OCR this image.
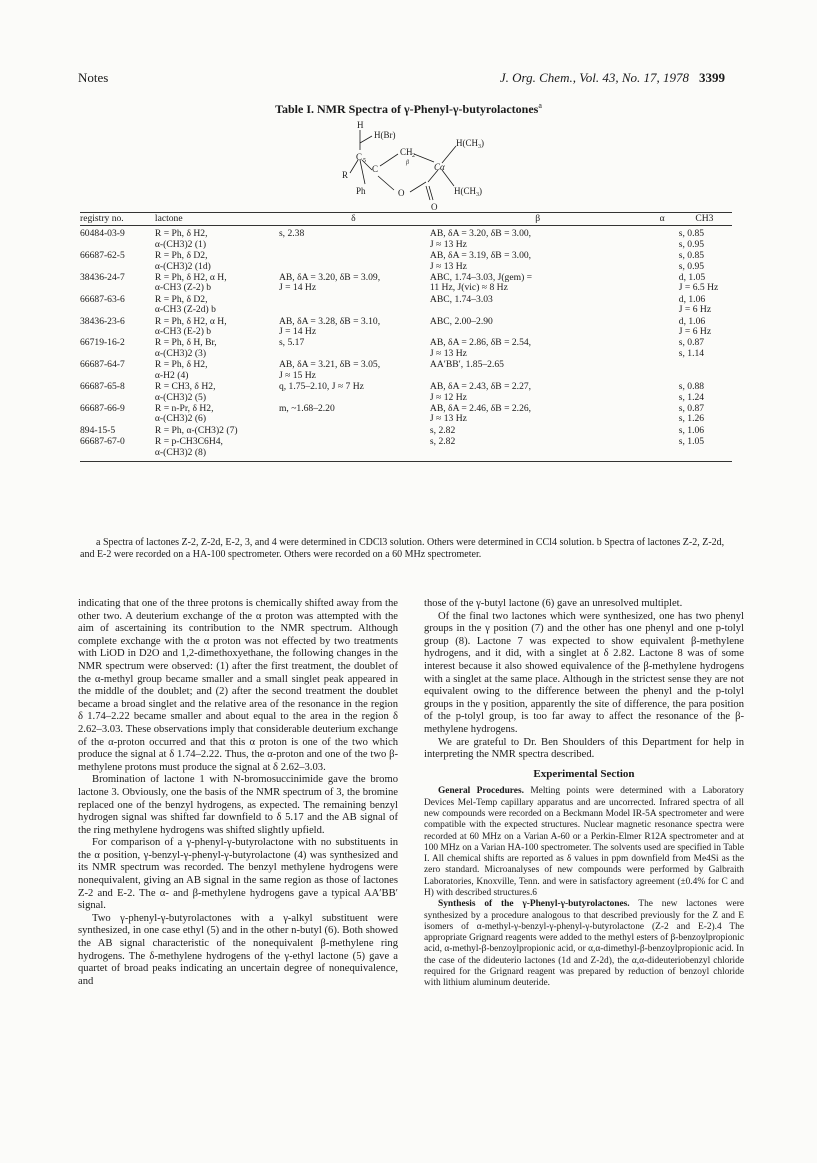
Notes	J. Org. Chem., Vol. 43, No. 17, 1978 3399
Table I. NMR Spectra of γ-Phenyl-γ-butyrolactones$^a$
H
H(Br)
C 5
CH 2
β
$H(CH_3)$
C	Cα
R
Ph	O
O
$H(CH_3)$
registry no.	lactone	δ	β	α	CH3

60484-03-9	R = Ph, δ H2,
α-(CH3)2 (1)	s, 2.38	AB, δA = 3.20, δB = 3.00,
J ≈ 13 Hz		s, 0.85
s, 0.95

66687-62-5	R = Ph, δ D2,
α-(CH3)2 (1d)		AB, δA = 3.19, δB = 3.00,
J ≈ 13 Hz		s, 0.85
s, 0.95

38436-24-7	R = Ph, δ H2, α H,
α-CH3 (Z-2) b	AB, δA = 3.20, δB = 3.09,
J = 14 Hz	ABC, 1.74–3.03, J(gem) =
11 Hz, J(vic) ≈ 8 Hz		d, 1.05
J = 6.5 Hz

66687-63-6	R = Ph, δ D2,
α-CH3 (Z-2d) b		ABC, 1.74–3.03		d, 1.06
J = 6 Hz

38436-23-6	R = Ph, δ H2, α H,
α-CH3 (E-2) b	AB, δA = 3.28, δB = 3.10,
J = 14 Hz	ABC, 2.00–2.90		d, 1.06
J = 6 Hz

66719-16-2	R = Ph, δ H, Br,
α-(CH3)2 (3)	s, 5.17	AB, δA = 2.86, δB = 2.54,
J ≈ 13 Hz		s, 0.87
s, 1.14

66687-64-7	R = Ph, δ H2,
α-H2 (4)	AB, δA = 3.21, δB = 3.05,
J ≈ 15 Hz	AA′BB′, 1.85–2.65		

66687-65-8	R = CH3, δ H2,
α-(CH3)2 (5)	q, 1.75–2.10, J ≈ 7 Hz	AB, δA = 2.43, δB = 2.27,
J ≈ 12 Hz		s, 0.88
s, 1.24

66687-66-9	R = n-Pr, δ H2,
α-(CH3)2 (6)	m, ~1.68–2.20	AB, δA = 2.46, δB = 2.26,
J ≈ 13 Hz		s, 0.87
s, 1.26

894-15-5	R = Ph, α-(CH3)2 (7)		s, 2.82		s, 1.06

66687-67-0	R = p-CH3C6H4,
α-(CH3)2 (8)		s, 2.82		s, 1.05
a Spectra of lactones Z-2, Z-2d, E-2, 3, and 4 were determined in CDCl3 solution. Others were determined in CCl4 solution. b Spectra of lactones Z-2, Z-2d, and E-2 were recorded on a HA-100 spectrometer. Others were recorded on a 60 MHz spectrometer.

indicating that one of the three protons is chemically shifted away from the other two. A deuterium exchange of the α proton was attempted with the aim of ascertaining its contribution to the NMR spectrum. Although complete exchange with the α proton was not effected by two treatments with LiOD in D2O and 1,2-dimethoxyethane, the following changes in the NMR spectrum were observed: (1) after the first treatment, the doublet of the α-methyl group became smaller and a small singlet peak appeared in the middle of the doublet; and (2) after the second treatment the doublet became a broad singlet and the relative area of the resonance in the region δ 1.74–2.22 became smaller and about equal to the area in the region δ 2.62–3.03. These observations imply that considerable deuterium exchange of the α-proton occurred and that this α proton is one of the two which produce the signal at δ 1.74–2.22. Thus, the α-proton and one of the two β-methylene protons must produce the signal at δ 2.62–3.03.

Bromination of lactone 1 with N-bromosuccinimide gave the bromo lactone 3. Obviously, one the basis of the NMR spectrum of 3, the bromine replaced one of the benzyl hydrogens, as expected. The remaining benzyl hydrogen signal was shifted far downfield to δ 5.17 and the AB signal of the ring methylene hydrogens was shifted slightly upfield.

For comparison of a γ-phenyl-γ-butyrolactone with no substituents in the α position, γ-benzyl-γ-phenyl-γ-butyrolactone (4) was synthesized and its NMR spectrum was recorded. The benzyl methylene hydrogens were nonequivalent, giving an AB signal in the same region as those of lactones Z-2 and E-2. The α- and β-methylene hydrogens gave a typical AA′BB′ signal.

Two γ-phenyl-γ-butyrolactones with a γ-alkyl substituent were synthesized, in one case ethyl (5) and in the other n-butyl (6). Both showed the AB signal characteristic of the nonequivalent β-methylene ring hydrogens. The δ-methylene hydrogens of the γ-ethyl lactone (5) gave a quartet of broad peaks indicating an uncertain degree of nonequivalence, and

those of the γ-butyl lactone (6) gave an unresolved multiplet.

Of the final two lactones which were synthesized, one has two phenyl groups in the γ position (7) and the other has one phenyl and one p-tolyl group (8). Lactone 7 was expected to show equivalent β-methylene hydrogens, and it did, with a singlet at δ 2.82. Lactone 8 was of some interest because it also showed equivalence of the β-methylene hydrogens with a singlet at the same place. Although in the strictest sense they are not equivalent owing to the difference between the phenyl and the p-tolyl groups in the γ position, apparently the site of difference, the para position of the p-tolyl group, is too far away to affect the resonance of the β-methylene hydrogens.

We are grateful to Dr. Ben Shoulders of this Department for help in interpreting the NMR spectra described.

Experimental Section

General Procedures. Melting points were determined with a Laboratory Devices Mel-Temp capillary apparatus and are uncorrected. Infrared spectra of all new compounds were recorded on a Beckmann Model IR-5A spectrometer and were compatible with the expected structures. Nuclear magnetic resonance spectra were recorded at 60 MHz on a Varian A-60 or a Perkin-Elmer R12A spectrometer and at 100 MHz on a Varian HA-100 spectrometer. The solvents used are specified in Table I. All chemical shifts are reported as δ values in ppm downfield from Me4Si as the zero standard. Microanalyses of new compounds were performed by Galbraith Laboratories, Knoxville, Tenn. and were in satisfactory agreement (±0.4% for C and H) with described structures.6

Synthesis of the γ-Phenyl-γ-butyrolactones. The new lactones were synthesized by a procedure analogous to that described previously for the Z and E isomers of α-methyl-γ-benzyl-γ-phenyl-γ-butyrolactone (Z-2 and E-2).4 The appropriate Grignard reagents were added to the methyl esters of β-benzoylpropionic acid, α-methyl-β-benzoylpropionic acid, or α,α-dimethyl-β-benzoylpropionic acid. In the case of the dideuterio lactones (1d and Z-2d), the α,α-dideuteriobenzyl chloride required for the Grignard reagent was prepared by reduction of benzoyl chloride with lithium aluminum deuteride.
